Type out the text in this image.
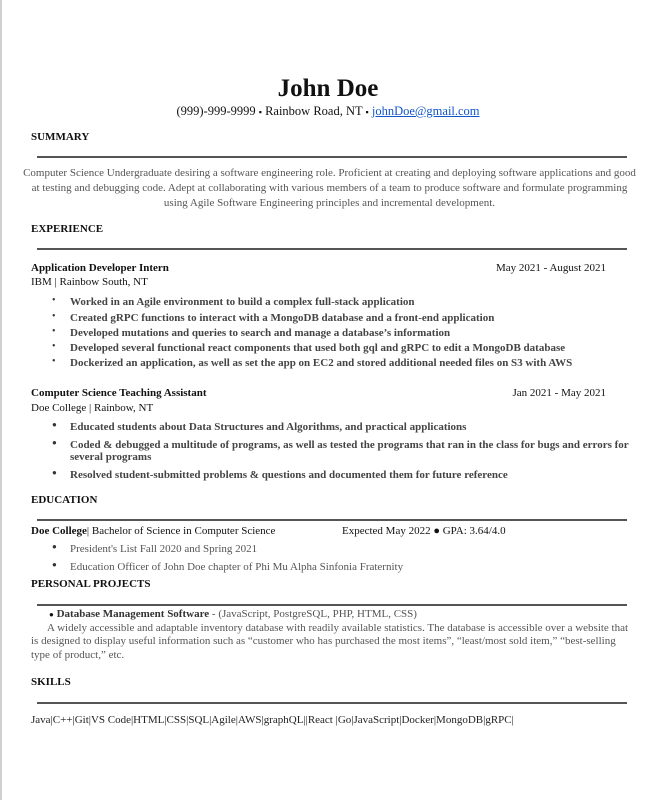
John Doe
(999)-999-9999 ▪ Rainbow Road, NT ▪ johnDoe@gmail.com
SUMMARY
Computer Science Undergraduate desiring a software engineering role. Proficient at creating and deploying software applications and good
at testing and debugging code. Adept at collaborating with various members of a team to produce software and formulate programming
using Agile Software Engineering principles and incremental development.
EXPERIENCE
Application Developer Intern	May 2021 - August 2021
IBM | Rainbow South, NT
• Worked in an Agile environment to build a complex full-stack application
• Created gRPC functions to interact with a MongoDB database and a front-end application
• Developed mutations and queries to search and manage a database’s information
• Developed several functional react components that used both gql and gRPC to edit a MongoDB database
• Dockerized an application, as well as set the app on EC2 and stored additional needed files on S3 with AWS
Computer Science Teaching Assistant	Jan 2021 - May 2021
Doe College | Rainbow, NT
● Educated students about Data Structures and Algorithms, and practical applications
● Coded & debugged a multitude of programs, as well as tested the programs that ran in the class for bugs and errors for
several programs
● Resolved student-submitted problems & questions and documented them for future reference
EDUCATION
Doe College| Bachelor of Science in Computer Science	Expected May 2022 ● GPA: 3.64/4.0
● President's List Fall 2020 and Spring 2021
● Education Officer of John Doe chapter of Phi Mu Alpha Sinfonia Fraternity
PERSONAL PROJECTS
● Database Management Software - (JavaScript, PostgreSQL, PHP, HTML, CSS)
A widely accessible and adaptable inventory database with readily available statistics. The database is accessible over a website that
is designed to display useful information such as “customer who has purchased the most items”, “least/most sold item,” “best-selling
type of product,” etc.
SKILLS
Java|C++|Git|VS Code|HTML|CSS|SQL|Agile|AWS|graphQL||React |Go|JavaScript|Docker|MongoDB|gRPC|
